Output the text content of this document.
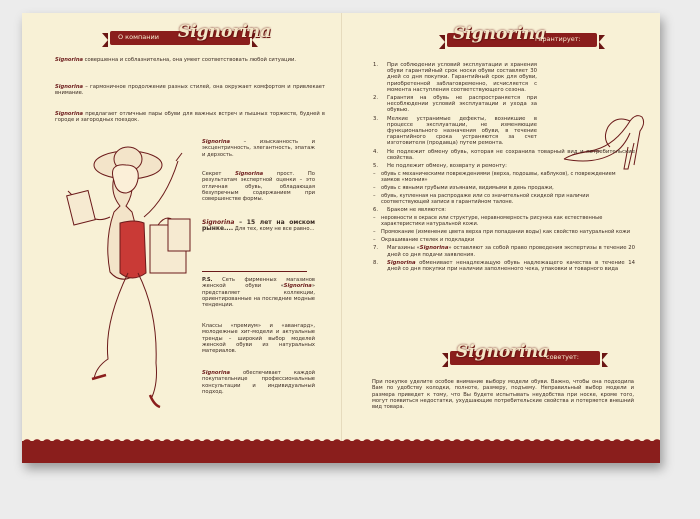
О компании Signorina
Signorina совершенна и соблазнительна, она умеет соответствовать любой ситуации.
Signorina – гармоничное продолжение разных стилей, она окружает комфортом и привлекает внимание.
Signorina предлагает отличные пары обуви для важных встреч и пышных торжеств, будней в городе и загородных поездок.
Signorina – изысканность и эксцентричность, элегантность, эпатаж и дерзость.
Секрет Signorina прост. По результатам экспертной оценки – это отличная обувь, обладающая безупречным содержанием при совершенстве формы.
Signorina – 15 лет на омском рынке.... Для тех, кому не все равно...
P.S. Сеть фирменных магазинов женской обуви «Signorina» представляет коллекции, ориентированные на последние модные тенденции.
Классы «премиум» и «авангард», молодежные хит-модели и актуальные тренды – широкий выбор моделей женской обуви из натуральных материалов.
Signorina обеспечивает каждой покупательнице профессиональные консультации и индивидуальный подход.
Signorina
гарантирует:
1. При соблюдении условий эксплуатации и хранения обуви гарантийный срок носки обуви составляет 30 дней со дня покупки. Гарантийный срок для обуви, приобретенной заблаговременно, исчисляется с момента наступления соответствующего сезона.
2. Гарантия на обувь не распространяется при несоблюдении условий эксплуатации и ухода за обувью.
3. Мелкие устранимые дефекты, возникшие в процессе эксплуатации, не изменяющие функционального назначения обуви, в течение гарантийного срока устраняются за счет изготовителя (продавца) путем ремонта.
4. Не подлежит обмену обувь, которая не сохранила товарный вид и потребительские свойства.
5. Не подлежит обмену, возврату и ремонту:
– обувь с механическими повреждениями (верха, подошвы, каблуков), с повреждением замков «молния»
– обувь с явными грубыми изъянами, видимыми в день продажи,
– обувь, купленная на распродаже или со значительной скидкой при наличии соответствующей записи в гарантийном талоне.
6. Браком не являются:
– неровности в окрасе или структуре, неравномерность рисунка как естественные характеристики натуральной кожи.
– Промокание (изменение цвета верха при попадании воды) как свойство натуральной кожи
– Окрашивание стелек и подкладки
7. Магазины «Signorina» оставляют за собой право проведения экспертизы в течение 20 дней со дня подачи заявления.
8. Signorina обменивает ненадлежащую обувь надлежащего качества в течение 14 дней со дня покупки при наличии заполненного чека, упаковки и товарного вида
Signorina
советует:
При покупке уделите особое внимание выбору модели обуви. Важно, чтобы она подходила Вам по удобству колодки, полноте, размеру, подъему. Неправильный выбор модели и размера приведет к тому, что Вы будете испытывать неудобства при носке, кроме того, могут появиться недостатки, ухудшающие потребительские свойства и потеряется внешний вид товара.
